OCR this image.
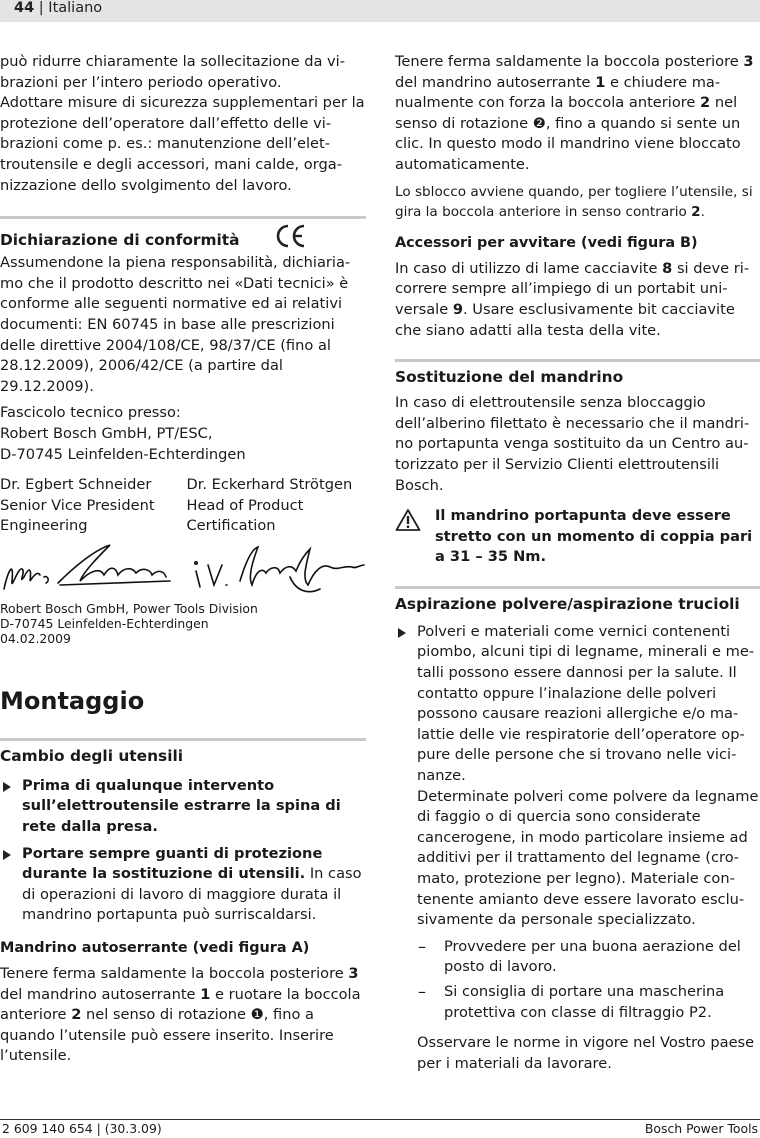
44 | Italiano

può ridurre chiaramente la sollecitazione da vibrazioni per l’intero periodo operativo.

Adottare misure di sicurezza supplementari per la protezione dell’operatore dall’effetto delle vibrazioni come p. es.: manutenzione dell’elettroutensile e degli accessori, mani calde, organizzazione dello svolgimento del lavoro.

Dichiarazione di conformità

Assumendone la piena responsabilità, dichiariamo che il prodotto descritto nei «Dati tecnici» è conforme alle seguenti normative ed ai relativi documenti: EN 60745 in base alle prescrizioni delle direttive 2004/108/CE, 98/37/CE (fino al 28.12.2009), 2006/42/CE (a partire dal 29.12.2009).

Fascicolo tecnico presso:

Robert Bosch GmbH, PT/ESC,

D-70745 Leinfelden-Echterdingen

Dr. Egbert Schneider

Senior Vice President

Engineering

Dr. Eckerhard Strötgen

Head of Product

Certification

Robert Bosch GmbH, Power Tools Division

D-70745 Leinfelden-Echterdingen

04.02.2009

Montaggio
Cambio degli utensili

Prima di qualunque intervento sull’elettroutensile estrarre la spina di rete dalla presa.

Portare sempre guanti di protezione durante la sostituzione di utensili. In caso di operazioni di lavoro di maggiore durata il mandrino portapunta può surriscaldarsi.

Mandrino autoserrante (vedi figura A)

Tenere ferma saldamente la boccola posteriore 3 del mandrino autoserrante 1 e ruotare la boccola anteriore 2 nel senso di rotazione ❶, fino a quando l’utensile può essere inserito. Inserire l’utensile.

Tenere ferma saldamente la boccola posteriore 3 del mandrino autoserrante 1 e chiudere manualmente con forza la boccola anteriore 2 nel senso di rotazione ❷, fino a quando si sente un clic. In questo modo il mandrino viene bloccato automaticamente.

Lo sblocco avviene quando, per togliere l’utensile, si gira la boccola anteriore in senso contrario 2.

Accessori per avvitare (vedi figura B)

In caso di utilizzo di lame cacciavite 8 si deve ricorrere sempre all’impiego di un portabit universale 9. Usare esclusivamente bit cacciavite che siano adatti alla testa della vite.

Sostituzione del mandrino

In caso di elettroutensile senza bloccaggio dell’alberino filettato è necessario che il mandrino portapunta venga sostituito da un Centro autorizzato per il Servizio Clienti elettroutensili Bosch.

Il mandrino portapunta deve essere stretto con un momento di coppia pari a 31 – 35 Nm.

Aspirazione polvere/aspirazione trucioli

Polveri e materiali come vernici contenenti piombo, alcuni tipi di legname, minerali e metalli possono essere dannosi per la salute. Il contatto oppure l’inalazione delle polveri possono causare reazioni allergiche e/o malattie delle vie respiratorie dell’operatore oppure delle persone che si trovano nelle vicinanze.

Determinate polveri come polvere da legname di faggio o di quercia sono considerate cancerogene, in modo particolare insieme ad additivi per il trattamento del legname (cromato, protezione per legno). Materiale contenente amianto deve essere lavorato esclusivamente da personale specializzato.

– Provvedere per una buona aerazione del posto di lavoro.

– Si consiglia di portare una mascherina protettiva con classe di filtraggio P2.

Osservare le norme in vigore nel Vostro paese per i materiali da lavorare.

2 609 140 654 | (30.3.09)	Bosch Power Tools
